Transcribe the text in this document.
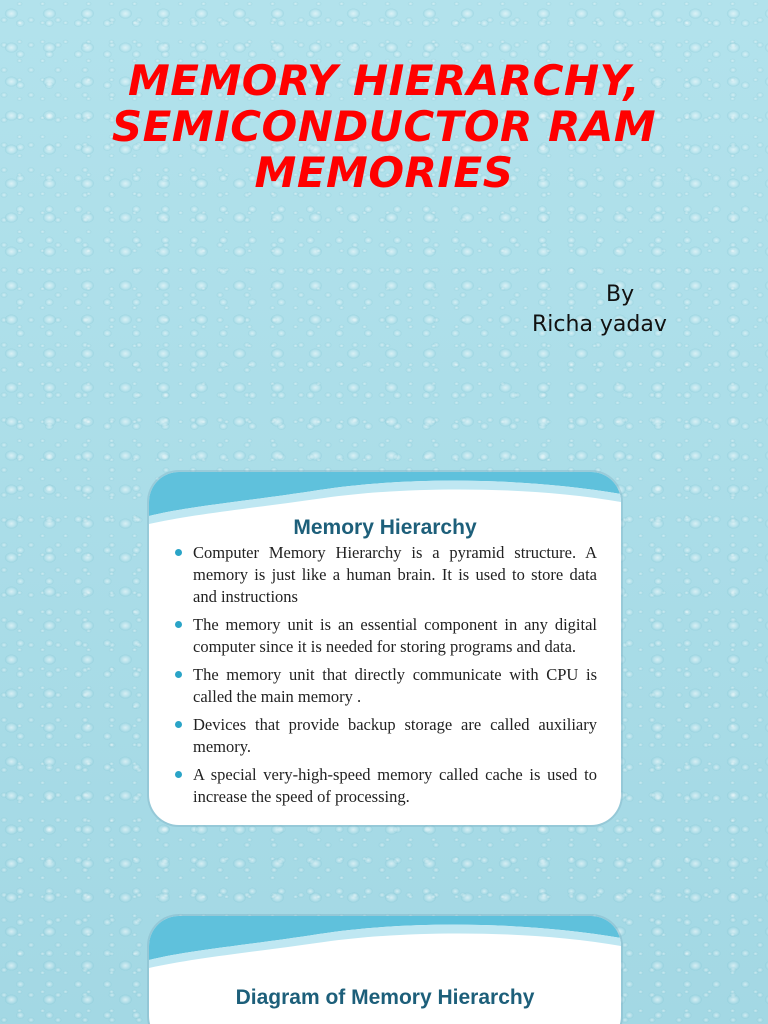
MEMORY HIERARCHY,
SEMICONDUCTOR RAM
MEMORIES
By
Richa yadav
Memory Hierarchy
Computer Memory Hierarchy is a pyramid structure. A memory is just like a human brain. It is used to store data and instructions
The memory unit is an essential component in any digital computer since it is needed for storing programs and data.
The memory unit that directly communicate with CPU is called the main memory .
Devices that provide backup storage are called auxiliary memory.
A special very-high-speed memory called cache is used to increase the speed of processing.
Diagram of Memory Hierarchy
